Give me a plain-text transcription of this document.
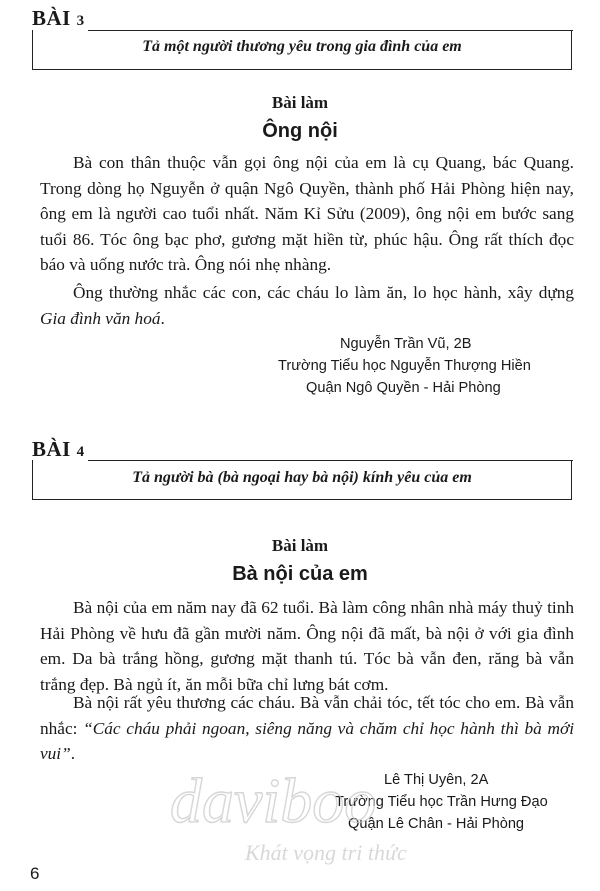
BÀI 3
Tả một người thương yêu trong gia đình của em
Bài làm
Ông nội

Bà con thân thuộc vẫn gọi ông nội của em là cụ Quang, bác Quang. Trong dòng họ Nguyễn ở quận Ngô Quyền, thành phố Hải Phòng hiện nay, ông em là người cao tuổi nhất. Năm Kỉ Sửu (2009), ông nội em bước sang tuổi 86. Tóc ông bạc phơ, gương mặt hiền từ, phúc hậu. Ông rất thích đọc báo và uống nước trà. Ông nói nhẹ nhàng.

Ông thường nhắc các con, các cháu lo làm ăn, lo học hành, xây dựng Gia đình văn hoá.

Nguyễn Trần Vũ, 2B
Trường Tiểu học Nguyễn Thượng Hiền
Quận Ngô Quyền - Hải Phòng
BÀI 4
Tả người bà (bà ngoại hay bà nội) kính yêu của em
Bài làm
Bà nội của em

Bà nội của em năm nay đã 62 tuổi. Bà làm công nhân nhà máy thuỷ tinh Hải Phòng về hưu đã gần mười năm. Ông nội đã mất, bà nội ở với gia đình em. Da bà trắng hồng, gương mặt thanh tú. Tóc bà vẫn đen, răng bà vẫn trắng đẹp. Bà ngủ ít, ăn mỗi bữa chỉ lưng bát cơm.

Bà nội rất yêu thương các cháu. Bà vẫn chải tóc, tết tóc cho em. Bà vẫn nhắc: “Các cháu phải ngoan, siêng năng và chăm chỉ học hành thì bà mới vui”.

Lê Thị Uyên, 2A
Trường Tiểu học Trần Hưng Đạo
Quận Lê Chân - Hải Phòng
daviboo
Khát vọng tri thức
6
